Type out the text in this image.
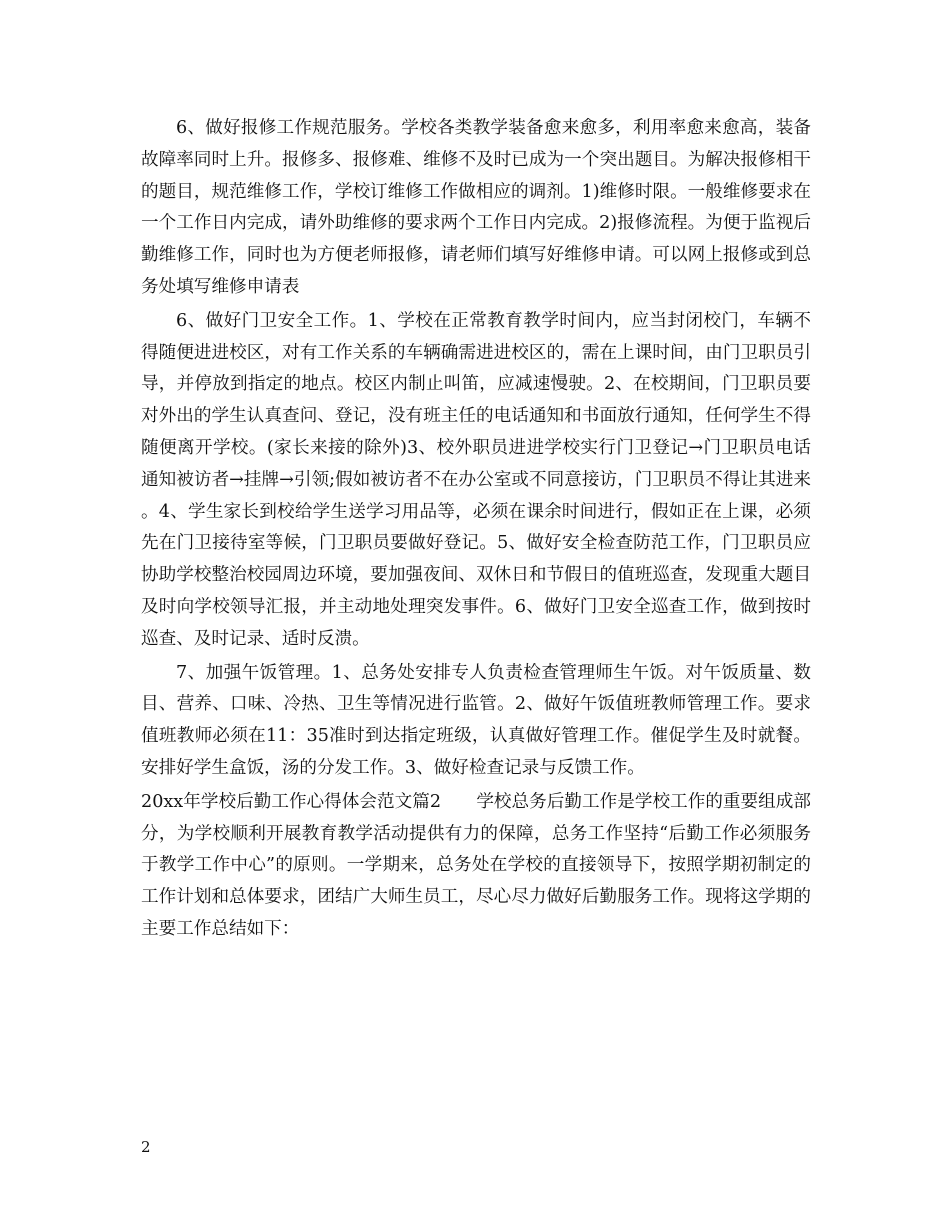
6、做好报修工作规范服务。学校各类教学装备愈来愈多，利用率愈来愈高，装备故障率同时上升。报修多、报修难、维修不及时已成为一个突出题目。为解决报修相干的题目，规范维修工作，学校订维修工作做相应的调剂。1)维修时限。一般维修要求在一个工作日内完成，请外助维修的要求两个工作日内完成。2)报修流程。为便于监视后勤维修工作，同时也为方便老师报修，请老师们填写好维修申请。可以网上报修或到总务处填写维修申请表

6、做好门卫安全工作。1、学校在正常教育教学时间内，应当封闭校门，车辆不得随便进进校区，对有工作关系的车辆确需进进校区的，需在上课时间，由门卫职员引导，并停放到指定的地点。校区内制止叫笛，应减速慢驶。2、在校期间，门卫职员要对外出的学生认真查问、登记，没有班主任的电话通知和书面放行通知，任何学生不得随便离开学校。(家长来接的除外)3、校外职员进进学校实行门卫登记→门卫职员电话通知被访者→挂牌→引领;假如被访者不在办公室或不同意接访，门卫职员不得让其进来。4、学生家长到校给学生送学习用品等，必须在课余时间进行，假如正在上课，必须先在门卫接待室等候，门卫职员要做好登记。5、做好安全检查防范工作，门卫职员应协助学校整治校园周边环境，要加强夜间、双休日和节假日的值班巡查，发现重大题目及时向学校领导汇报，并主动地处理突发事件。6、做好门卫安全巡查工作，做到按时巡查、及时记录、适时反溃。

7、加强午饭管理。1、总务处安排专人负责检查管理师生午饭。对午饭质量、数目、营养、口味、冷热、卫生等情况进行监管。2、做好午饭值班教师管理工作。要求值班教师必须在11：35准时到达指定班级，认真做好管理工作。催促学生及时就餐。安排好学生盒饭，汤的分发工作。3、做好检查记录与反馈工作。

20xx年学校后勤工作心得体会范文篇2　　学校总务后勤工作是学校工作的重要组成部分，为学校顺利开展教育教学活动提供有力的保障，总务工作坚持“后勤工作必须服务于教学工作中心”的原则。一学期来，总务处在学校的直接领导下，按照学期初制定的工作计划和总体要求，团结广大师生员工，尽心尽力做好后勤服务工作。现将这学期的主要工作总结如下：

2
